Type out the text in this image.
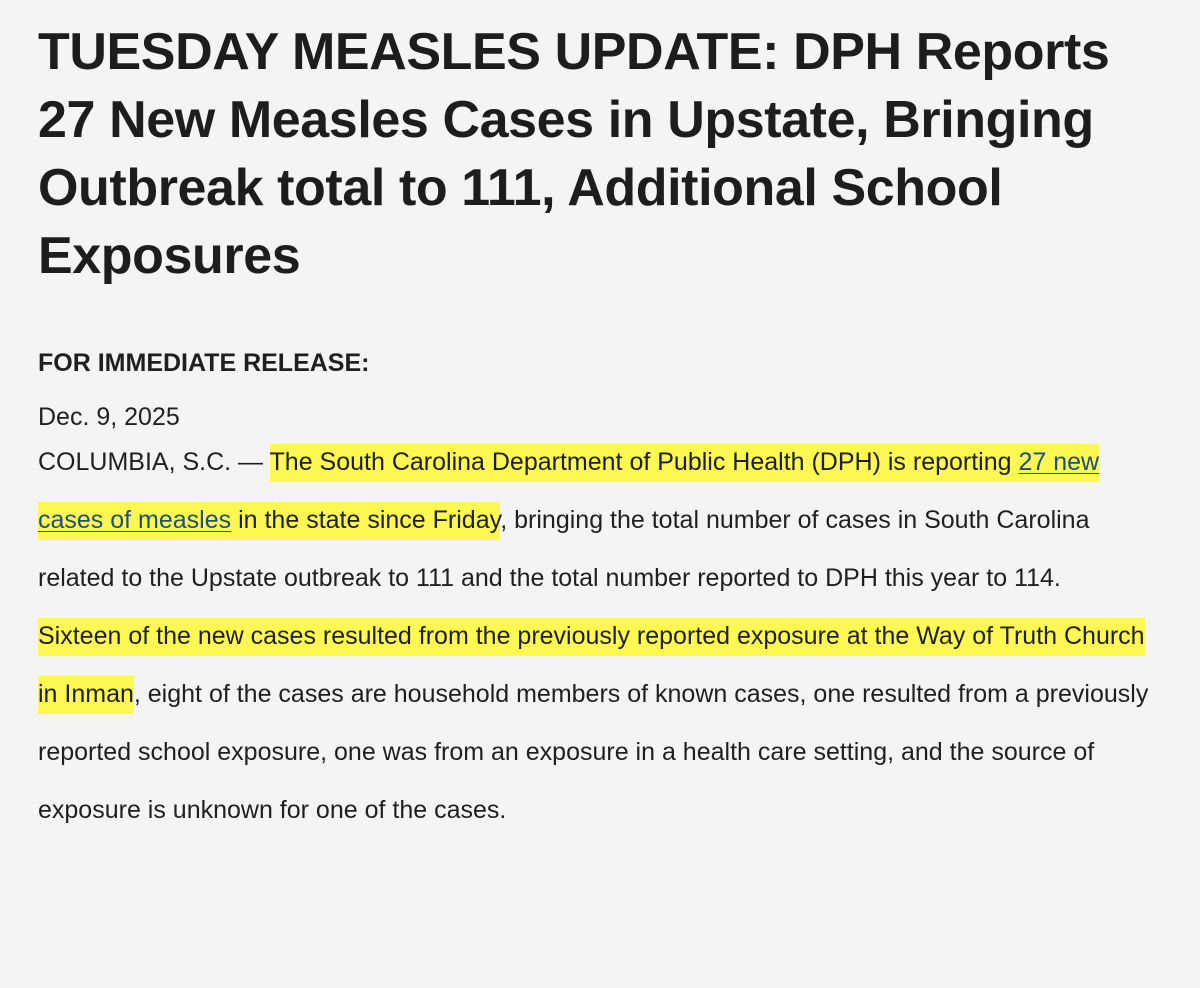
TUESDAY MEASLES UPDATE: DPH Reports 27 New Measles Cases in Upstate, Bringing Outbreak total to 111, Additional School Exposures
FOR IMMEDIATE RELEASE:
Dec. 9, 2025

COLUMBIA, S.C. — The South Carolina Department of Public Health (DPH) is reporting 27 new cases of measles in the state since Friday, bringing the total number of cases in South Carolina related to the Upstate outbreak to 111 and the total number reported to DPH this year to 114.

Sixteen of the new cases resulted from the previously reported exposure at the Way of Truth Church in Inman, eight of the cases are household members of known cases, one resulted from a previously reported school exposure, one was from an exposure in a health care setting, and the source of exposure is unknown for one of the cases.
